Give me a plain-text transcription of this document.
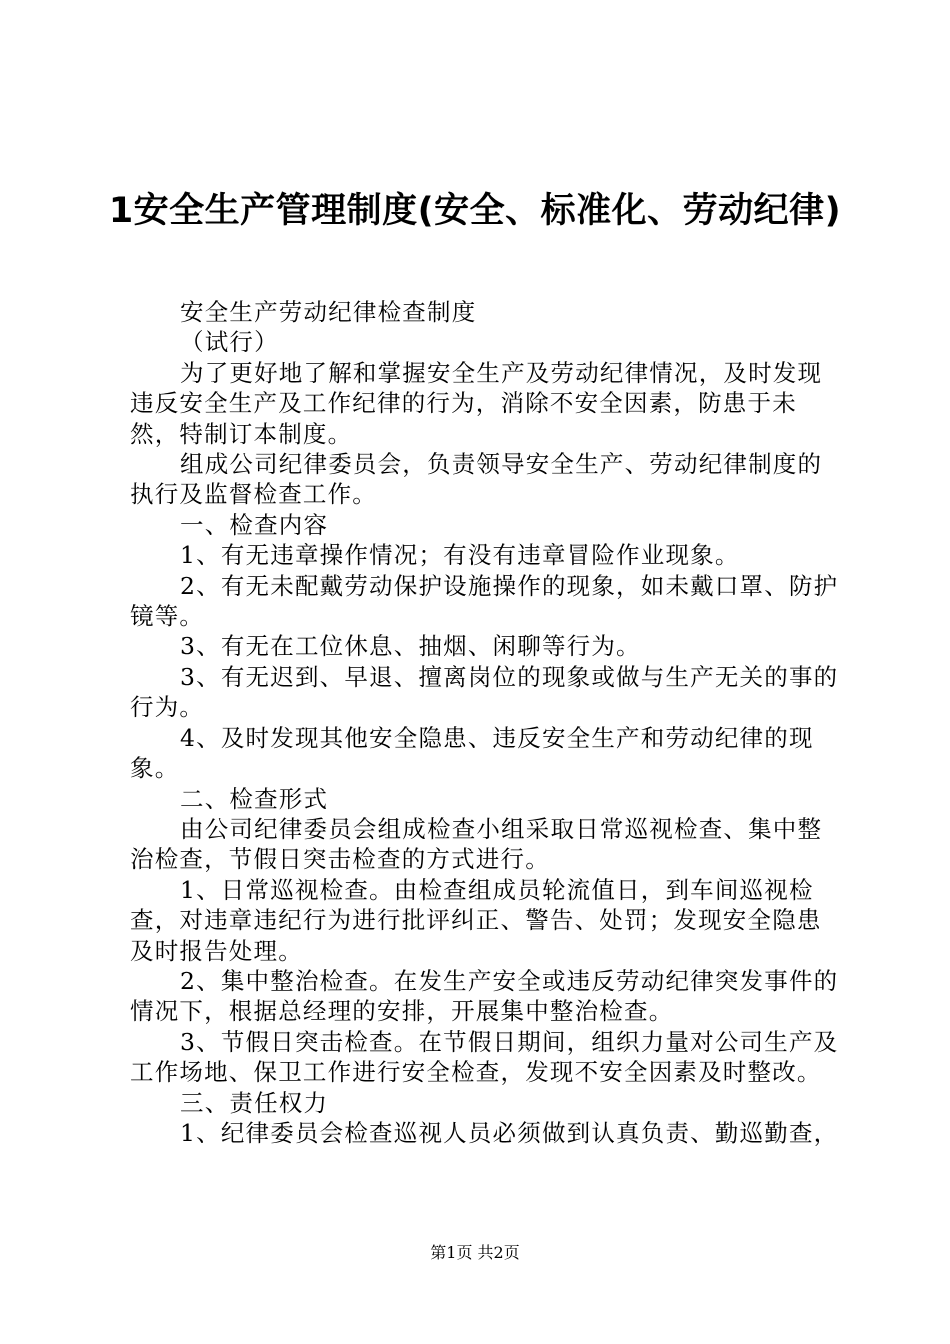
1安全生产管理制度(安全、标准化、劳动纪律)

安全生产劳动纪律检查制度

（试行）

为了更好地了解和掌握安全生产及劳动纪律情况，及时发现违反安全生产及工作纪律的行为，消除不安全因素，防患于未然，特制订本制度。

组成公司纪律委员会，负责领导安全生产、劳动纪律制度的执行及监督检查工作。

一、检查内容

1、有无违章操作情况；有没有违章冒险作业现象。

2、有无未配戴劳动保护设施操作的现象，如未戴口罩、防护镜等。

3、有无在工位休息、抽烟、闲聊等行为。

3、有无迟到、早退、擅离岗位的现象或做与生产无关的事的行为。

4、及时发现其他安全隐患、违反安全生产和劳动纪律的现象。

二、检查形式

由公司纪律委员会组成检查小组采取日常巡视检查、集中整治检查，节假日突击检查的方式进行。

1、日常巡视检查。由检查组成员轮流值日，到车间巡视检查，对违章违纪行为进行批评纠正、警告、处罚；发现安全隐患及时报告处理。

2、集中整治检查。在发生产安全或违反劳动纪律突发事件的情况下，根据总经理的安排，开展集中整治检查。

3、节假日突击检查。在节假日期间，组织力量对公司生产及工作场地、保卫工作进行安全检查，发现不安全因素及时整改。

三、责任权力

1、纪律委员会检查巡视人员必须做到认真负责、勤巡勤查，

第1页 共2页
